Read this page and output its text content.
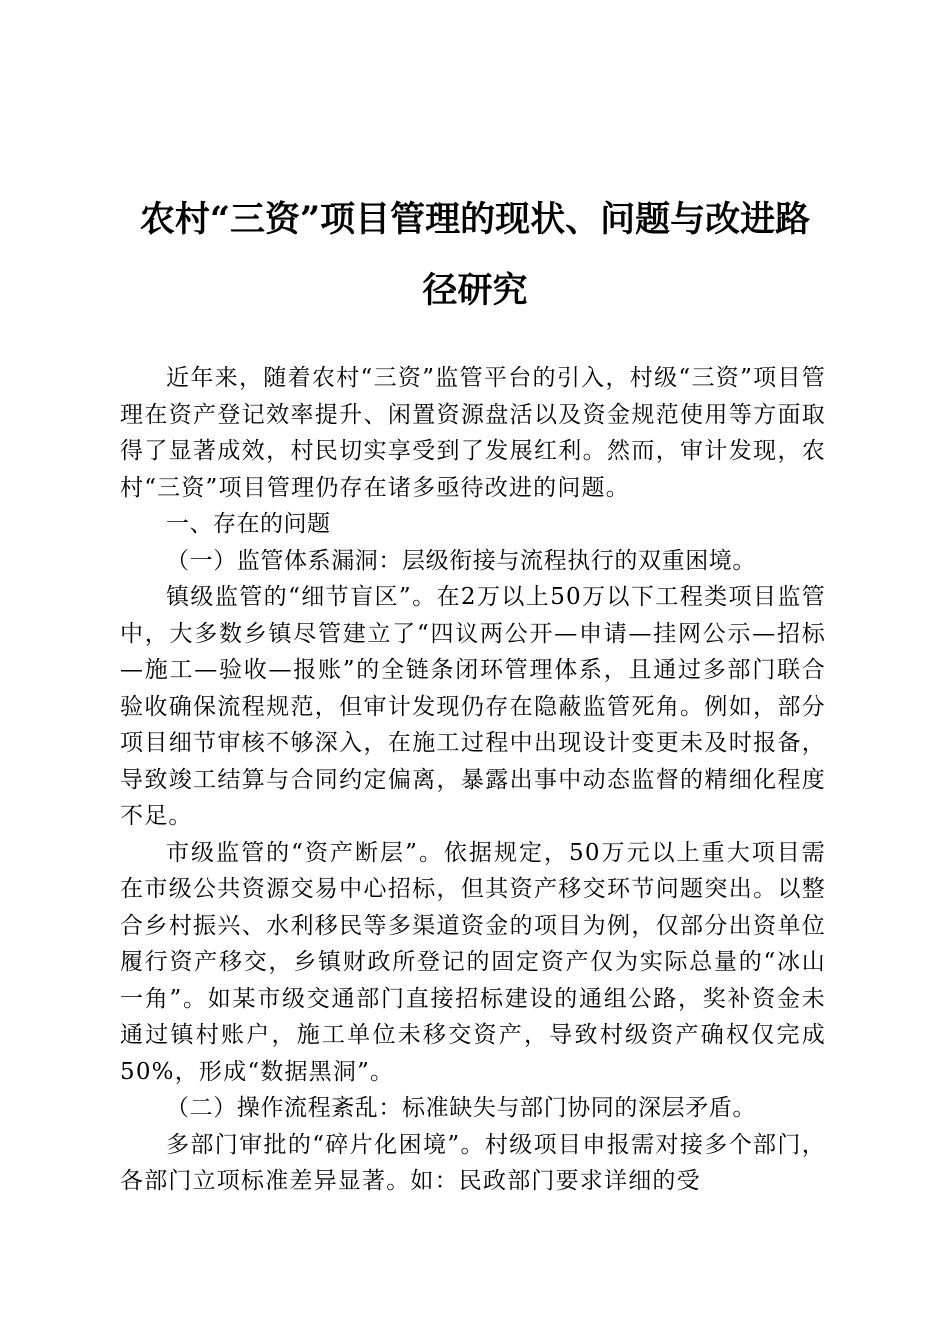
农村“三资”项目管理的现状、问题与改进路
径研究

近年来，随着农村“三资”监管平台的引入，村级“三资”项目管理在资产登记效率提升、闲置资源盘活以及资金规范使用等方面取得了显著成效，村民切实享受到了发展红利。然而，审计发现，农村“三资”项目管理仍存在诸多亟待改进的问题。

一、存在的问题

（一）监管体系漏洞：层级衔接与流程执行的双重困境。

镇级监管的“细节盲区”。在2万以上50万以下工程类项目监管中，大多数乡镇尽管建立了“四议两公开—申请—挂网公示—招标—施工—验收—报账”的全链条闭环管理体系，且通过多部门联合验收确保流程规范，但审计发现仍存在隐蔽监管死角。例如，部分项目细节审核不够深入，在施工过程中出现设计变更未及时报备，导致竣工结算与合同约定偏离，暴露出事中动态监督的精细化程度不足。

市级监管的“资产断层”。依据规定，50万元以上重大项目需在市级公共资源交易中心招标，但其资产移交环节问题突出。以整合乡村振兴、水利移民等多渠道资金的项目为例，仅部分出资单位履行资产移交，乡镇财政所登记的固定资产仅为实际总量的“冰山一角”。如某市级交通部门直接招标建设的通组公路，奖补资金未通过镇村账户，施工单位未移交资产，导致村级资产确权仅完成50%，形成“数据黑洞”。

（二）操作流程紊乱：标准缺失与部门协同的深层矛盾。

多部门审批的“碎片化困境”。村级项目申报需对接多个部门，各部门立项标准差异显著。如：民政部门要求详细的受
